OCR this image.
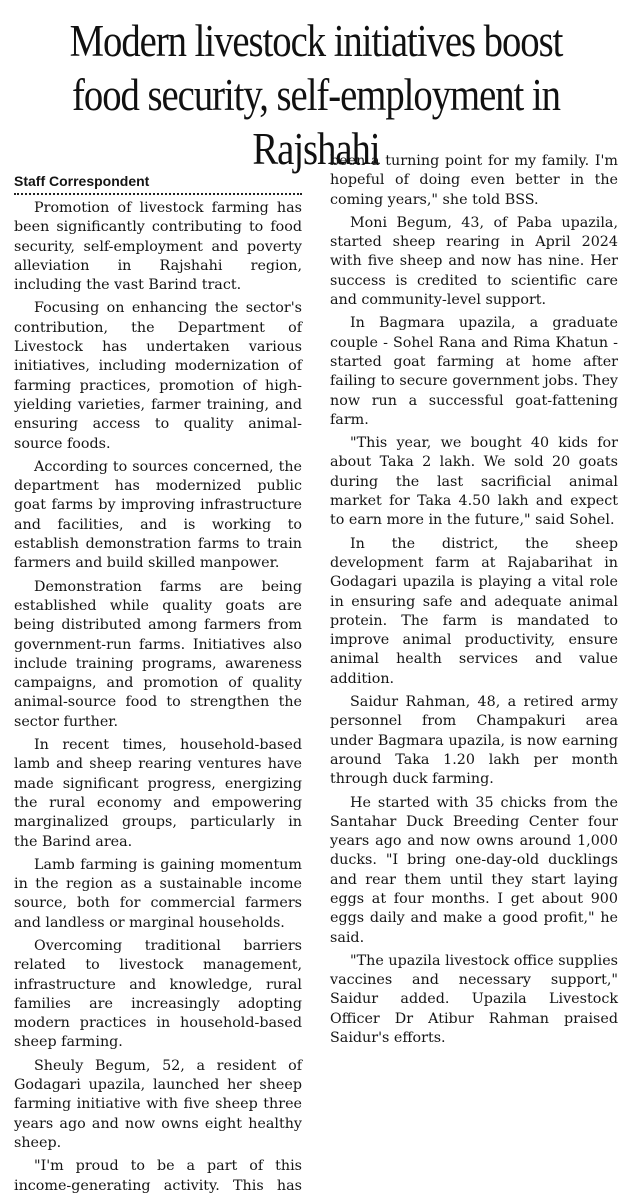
Modern livestock initiatives boost food security, self-employment in Rajshahi
Staff Correspondent

Promotion of livestock farming has been significantly contributing to food security, self-employment and poverty alleviation in Rajshahi region, including the vast Barind tract.

Focusing on enhancing the sector's contribution, the Department of Livestock has undertaken various initiatives, including modernization of farming practices, promotion of high-yielding varieties, farmer training, and ensuring access to quality animal-source foods.

According to sources concerned, the department has modernized public goat farms by improving infrastructure and facilities, and is working to establish demonstration farms to train farmers and build skilled manpower.

Demonstration farms are being established while quality goats are being distributed among farmers from government-run farms. Initiatives also include training programs, awareness campaigns, and promotion of quality animal-source food to strengthen the sector further.

In recent times, household-based lamb and sheep rearing ventures have made significant progress, energizing the rural economy and empowering marginalized groups, particularly in the Barind area.

Lamb farming is gaining momentum in the region as a sustainable income source, both for commercial farmers and landless or marginal households.

Overcoming traditional barriers related to livestock management, infrastructure and knowledge, rural families are increasingly adopting modern practices in household-based sheep farming.

Sheuly Begum, 52, a resident of Godagari upazila, launched her sheep farming initiative with five sheep three years ago and now owns eight healthy sheep.

"I'm proud to be a part of this income-generating activity. This has been a turning point for my family. I'm hopeful of doing even better in the coming years," she told BSS.

Moni Begum, 43, of Paba upazila, started sheep rearing in April 2024 with five sheep and now has nine. Her success is credited to scientific care and community-level support.

In Bagmara upazila, a graduate couple - Sohel Rana and Rima Khatun - started goat farming at home after failing to secure government jobs. They now run a successful goat-fattening farm.

"This year, we bought 40 kids for about Taka 2 lakh. We sold 20 goats during the last sacrificial animal market for Taka 4.50 lakh and expect to earn more in the future," said Sohel.

In the district, the sheep development farm at Rajabarihat in Godagari upazila is playing a vital role in ensuring safe and adequate animal protein. The farm is mandated to improve animal productivity, ensure animal health services and value addition.

Saidur Rahman, 48, a retired army personnel from Champakuri area under Bagmara upazila, is now earning around Taka 1.20 lakh per month through duck farming.

He started with 35 chicks from the Santahar Duck Breeding Center four years ago and now owns around 1,000 ducks. "I bring one-day-old ducklings and rear them until they start laying eggs at four months. I get about 900 eggs daily and make a good profit," he said.

"The upazila livestock office supplies vaccines and necessary support," Saidur added. Upazila Livestock Officer Dr Atibur Rahman praised Saidur's efforts.
